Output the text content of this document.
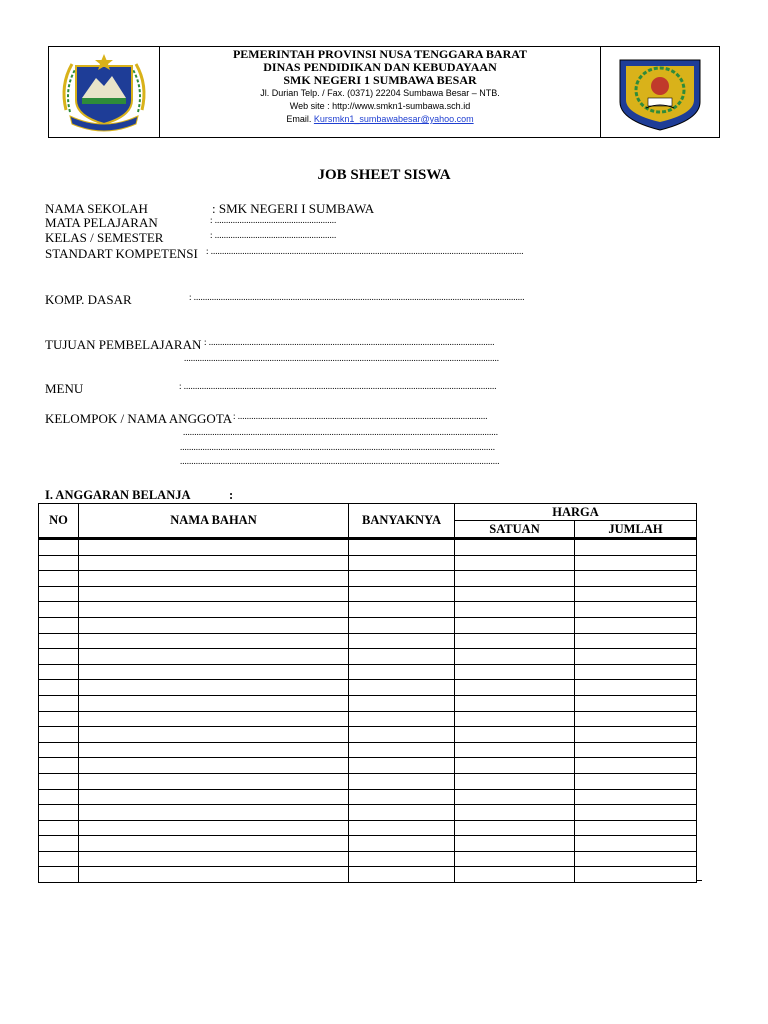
PEMERINTAH PROVINSI NUSA TENGGARA BARAT
DINAS PENDIDIKAN DAN KEBUDAYAAN
SMK NEGERI 1 SUMBAWA BESAR
Jl. Durian Telp. / Fax. (0371) 22204 Sumbawa Besar – NTB.
Web site : http://www.smkn1-sumbawa.sch.id
Email. Kursmkn1_sumbawabesar@yahoo.com
JOB SHEET SISWA
NAMA SEKOLAH	: SMK NEGERI I SUMBAWA
MATA PELAJARAN	: ......................................................
KELAS / SEMESTER	: ......................................................
STANDART KOMPETENSI : ...........................................................................................................................................
KOMP. DASAR	: ...................................................................................................................................................
TUJUAN PEMBELAJARAN : ...............................................................................................................................
............................................................................................................................................
MENU	: ...........................................................................................................................................
KELOMPOK / NAMA ANGGOTA : ...............................................................................................................
............................................................................................................................................
............................................................................................................................................
..............................................................................................................................................
I. ANGGARAN BELANJA	:
NO	NAMA BAHAN	BANYAKNYA	HARGA	
			SATUAN	JUMLAH
